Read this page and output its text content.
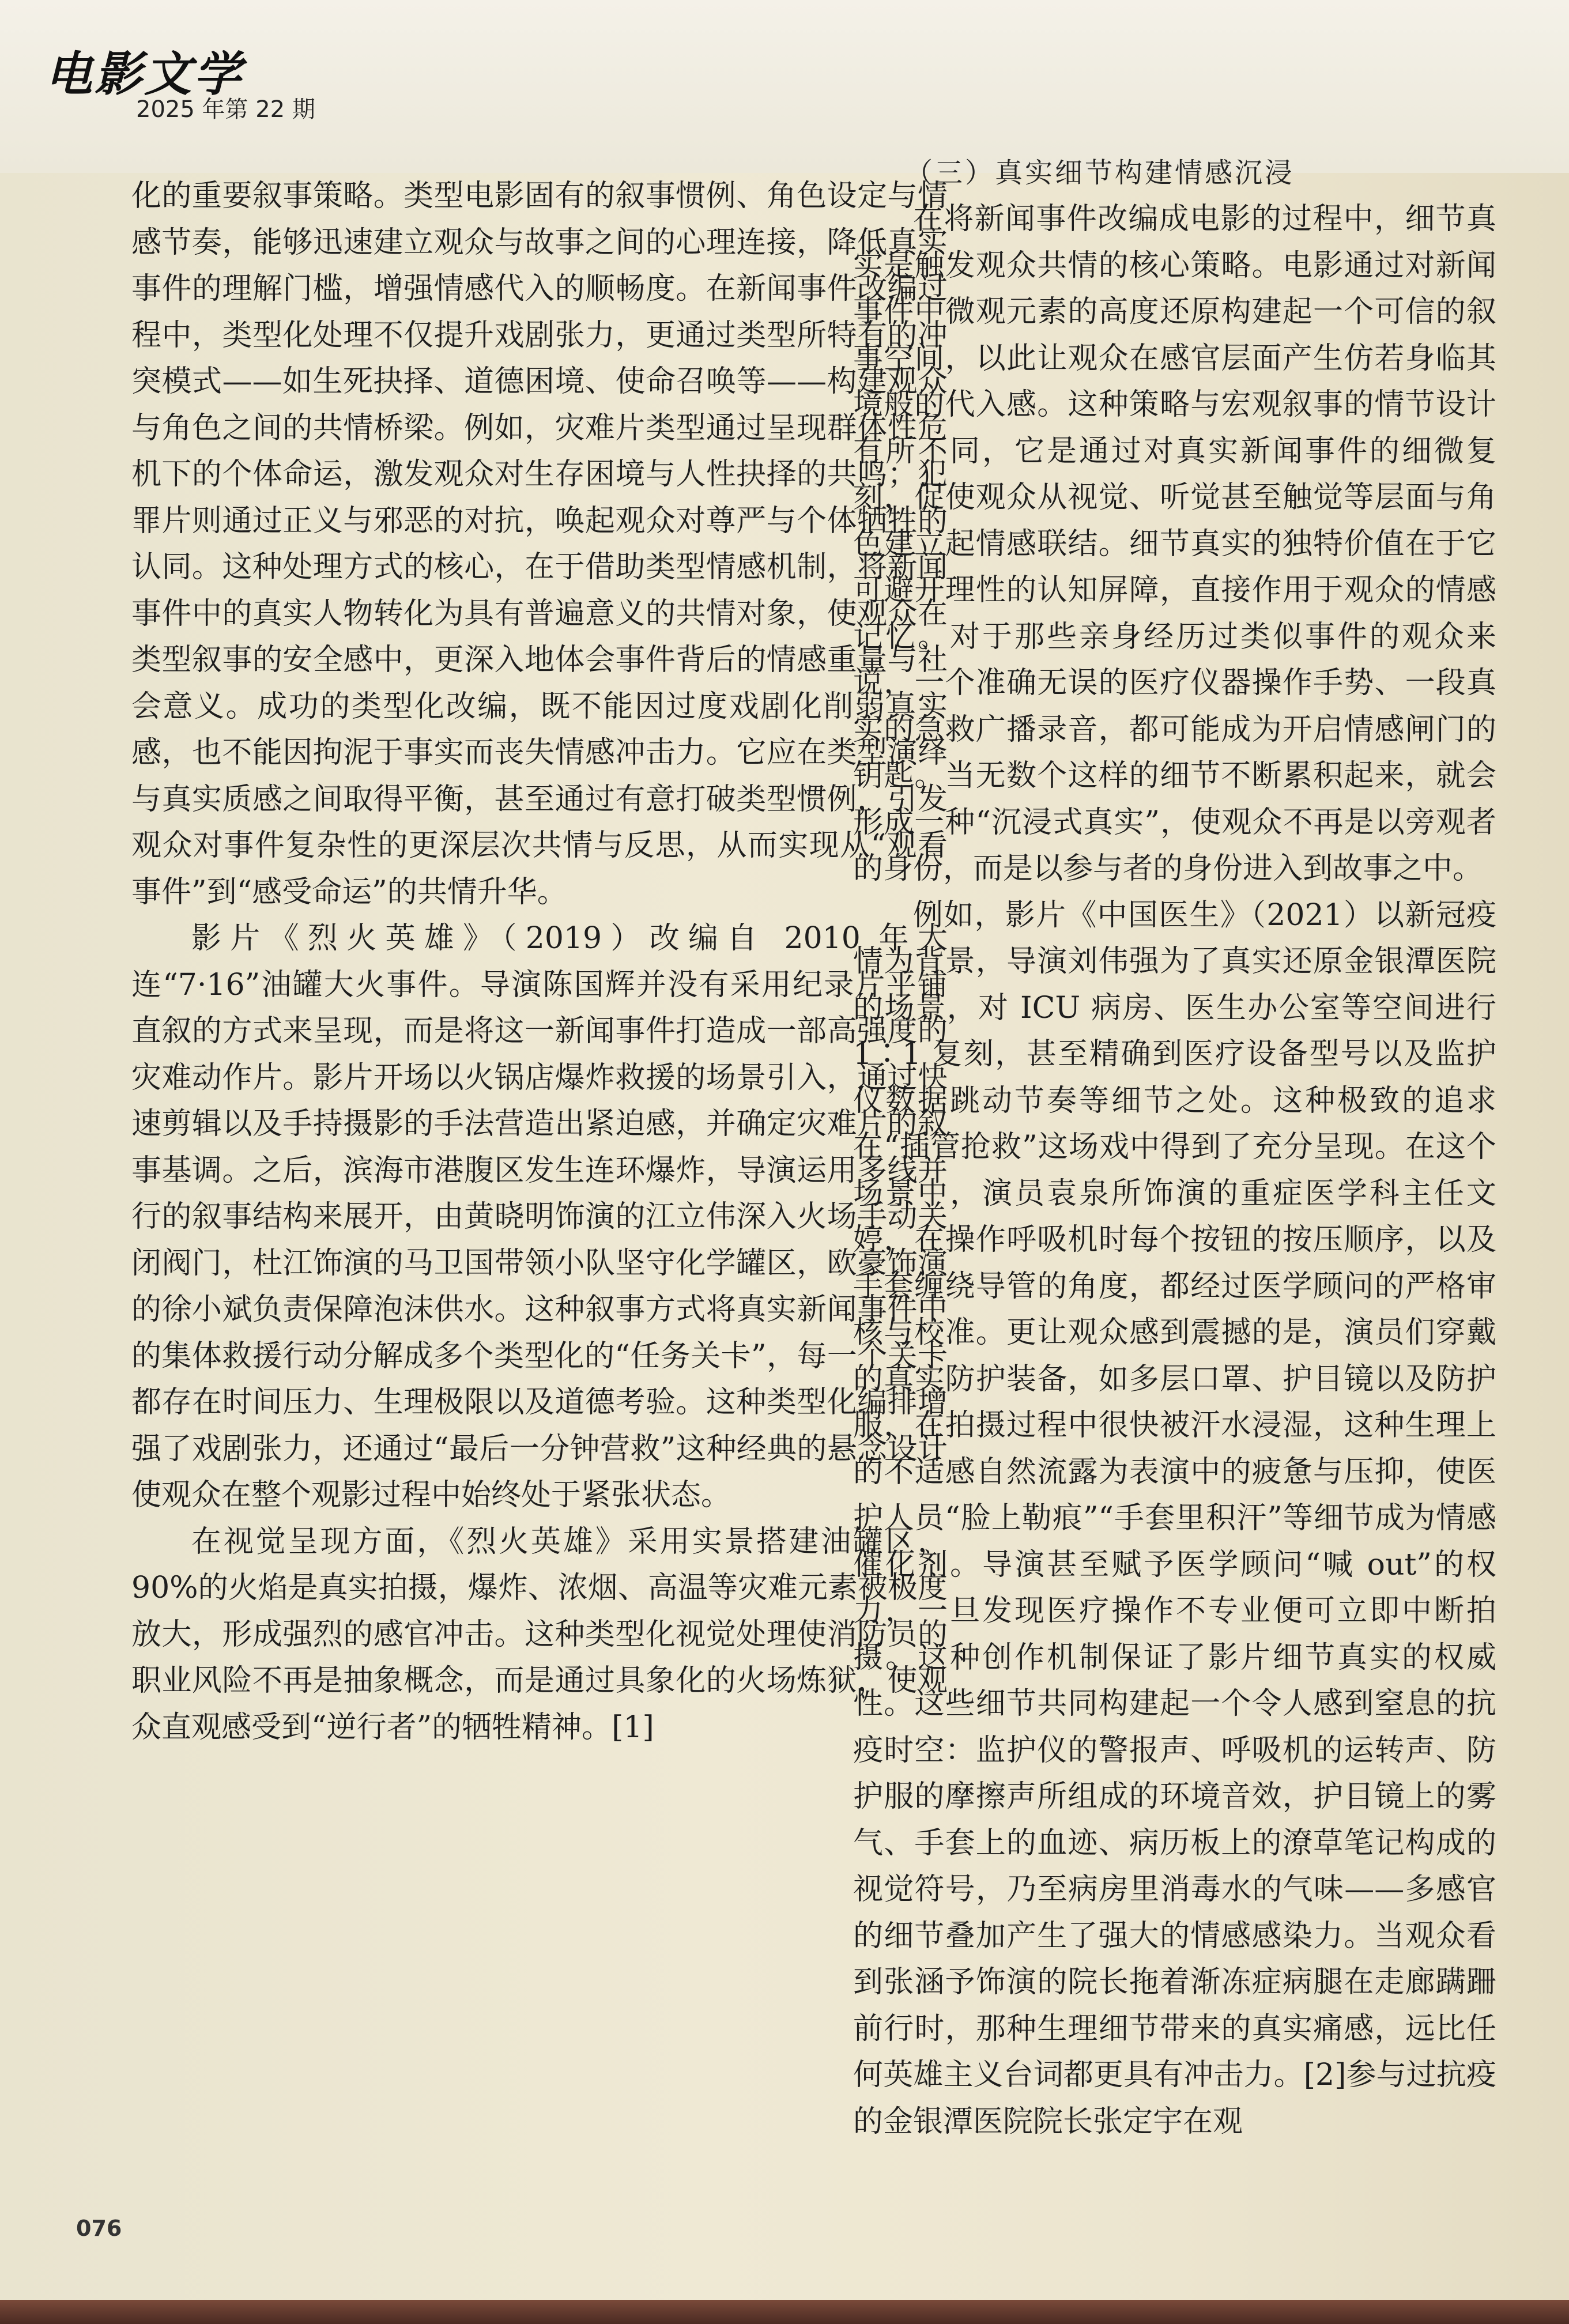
电影文学
2025 年第 22 期

化的重要叙事策略。类型电影固有的叙事惯例、角色设定与情感节奏，能够迅速建立观众与故事之间的心理连接，降低真实事件的理解门槛，增强情感代入的顺畅度。在新闻事件改编过程中，类型化处理不仅提升戏剧张力，更通过类型所特有的冲突模式——如生死抉择、道德困境、使命召唤等——构建观众与角色之间的共情桥梁。例如，灾难片类型通过呈现群体性危机下的个体命运，激发观众对生存困境与人性抉择的共鸣；犯罪片则通过正义与邪恶的对抗，唤起观众对尊严与个体牺牲的认同。这种处理方式的核心，在于借助类型情感机制，将新闻事件中的真实人物转化为具有普遍意义的共情对象，使观众在类型叙事的安全感中，更深入地体会事件背后的情感重量与社会意义。成功的类型化改编，既不能因过度戏剧化削弱真实感，也不能因拘泥于事实而丧失情感冲击力。它应在类型演绎与真实质感之间取得平衡，甚至通过有意打破类型惯例，引发观众对事件复杂性的更深层次共情与反思，从而实现从“观看事件”到“感受命运”的共情升华。

影片《烈火英雄》（2019）改编自 2010 年大连“7·16”油罐大火事件。导演陈国辉并没有采用纪录片平铺直叙的方式来呈现，而是将这一新闻事件打造成一部高强度的灾难动作片。影片开场以火锅店爆炸救援的场景引入，通过快速剪辑以及手持摄影的手法营造出紧迫感，并确定灾难片的叙事基调。之后，滨海市港腹区发生连环爆炸，导演运用多线并行的叙事结构来展开，由黄晓明饰演的江立伟深入火场手动关闭阀门，杜江饰演的马卫国带领小队坚守化学罐区，欧豪饰演的徐小斌负责保障泡沫供水。这种叙事方式将真实新闻事件中的集体救援行动分解成多个类型化的“任务关卡”，每一个关卡都存在时间压力、生理极限以及道德考验。这种类型化编排增强了戏剧张力，还通过“最后一分钟营救”这种经典的悬念设计使观众在整个观影过程中始终处于紧张状态。

在视觉呈现方面，《烈火英雄》采用实景搭建油罐区，90%的火焰是真实拍摄，爆炸、浓烟、高温等灾难元素被极度放大，形成强烈的感官冲击。这种类型化视觉处理使消防员的职业风险不再是抽象概念，而是通过具象化的火场炼狱，使观众直观感受到“逆行者”的牺牲精神。[1]

（三）真实细节构建情感沉浸

在将新闻事件改编成电影的过程中，细节真实是触发观众共情的核心策略。电影通过对新闻事件中微观元素的高度还原构建起一个可信的叙事空间，以此让观众在感官层面产生仿若身临其境般的代入感。这种策略与宏观叙事的情节设计有所不同，它是通过对真实新闻事件的细微复刻，促使观众从视觉、听觉甚至触觉等层面与角色建立起情感联结。细节真实的独特价值在于它可避开理性的认知屏障，直接作用于观众的情感记忆。对于那些亲身经历过类似事件的观众来说，一个准确无误的医疗仪器操作手势、一段真实的急救广播录音，都可能成为开启情感闸门的钥匙。当无数个这样的细节不断累积起来，就会形成一种“沉浸式真实”，使观众不再是以旁观者的身份，而是以参与者的身份进入到故事之中。

例如，影片《中国医生》（2021）以新冠疫情为背景，导演刘伟强为了真实还原金银潭医院的场景，对 ICU 病房、医生办公室等空间进行 1∶1 复刻，甚至精确到医疗设备型号以及监护仪数据跳动节奏等细节之处。这种极致的追求在“插管抢救”这场戏中得到了充分呈现。在这个场景中，演员袁泉所饰演的重症医学科主任文婷，在操作呼吸机时每个按钮的按压顺序，以及手套缠绕导管的角度，都经过医学顾问的严格审核与校准。更让观众感到震撼的是，演员们穿戴的真实防护装备，如多层口罩、护目镜以及防护服，在拍摄过程中很快被汗水浸湿，这种生理上的不适感自然流露为表演中的疲惫与压抑，使医护人员“脸上勒痕”“手套里积汗”等细节成为情感催化剂。导演甚至赋予医学顾问“喊 out”的权力，一旦发现医疗操作不专业便可立即中断拍摄。这种创作机制保证了影片细节真实的权威性。这些细节共同构建起一个令人感到窒息的抗疫时空：监护仪的警报声、呼吸机的运转声、防护服的摩擦声所组成的环境音效，护目镜上的雾气、手套上的血迹、病历板上的潦草笔记构成的视觉符号，乃至病房里消毒水的气味——多感官的细节叠加产生了强大的情感感染力。当观众看到张涵予饰演的院长拖着渐冻症病腿在走廊蹒跚前行时，那种生理细节带来的真实痛感，远比任何英雄主义台词都更具有冲击力。[2]参与过抗疫的金银潭医院院长张定宇在观

076
